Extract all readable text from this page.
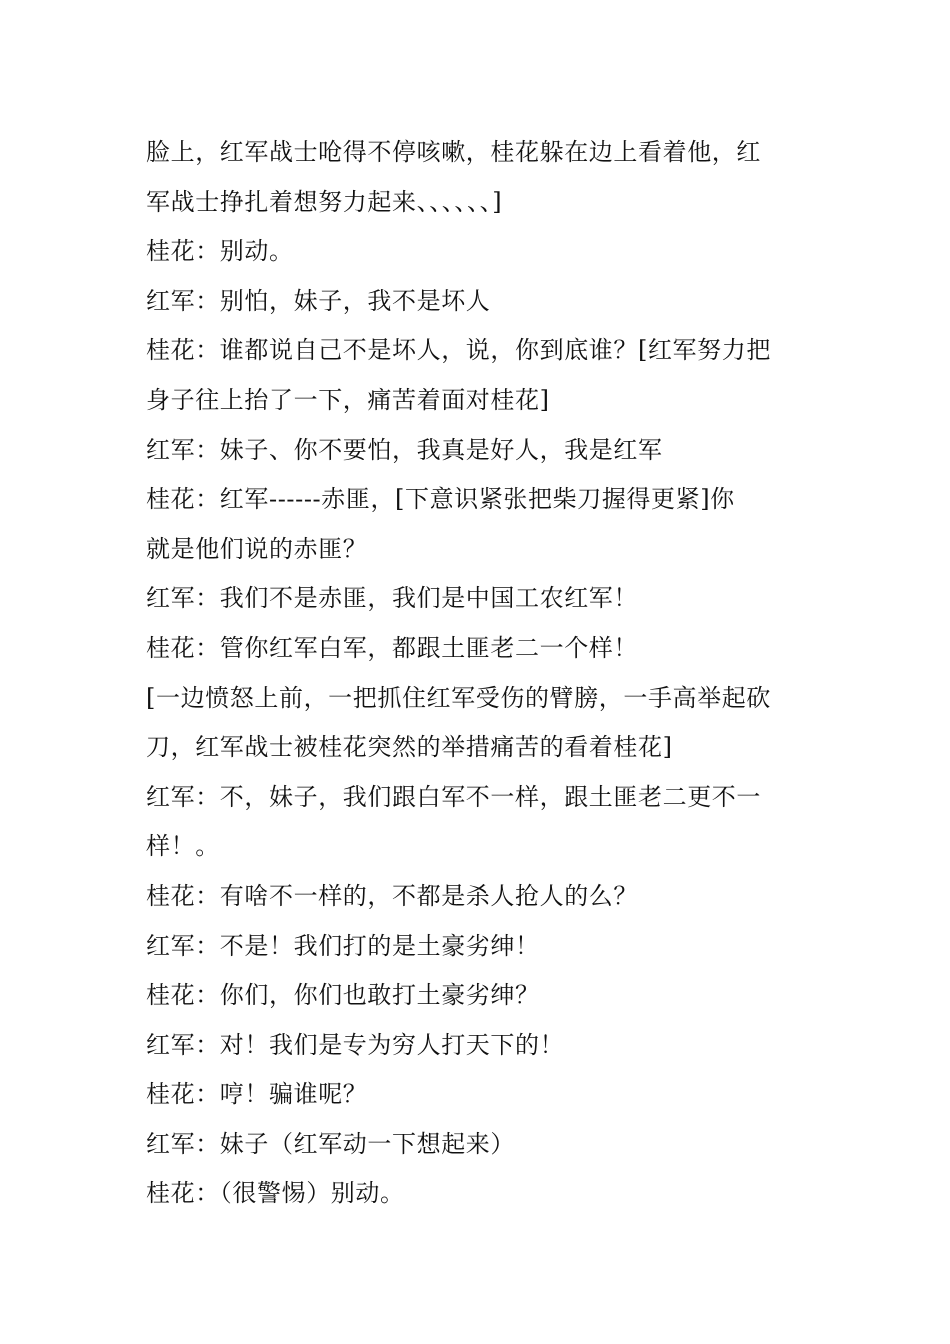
脸上，红军战士呛得不停咳嗽，桂花躲在边上看着他，红
军战士挣扎着想努力起来、、、、、、]
桂花：别动。
红军：别怕，妹子，我不是坏人
桂花：谁都说自己不是坏人，说，你到底谁？[红军努力把
身子往上抬了一下，痛苦着面对桂花]
红军：妹子、你不要怕，我真是好人，我是红军
桂花：红军------赤匪，[下意识紧张把柴刀握得更紧]你
就是他们说的赤匪？
红军：我们不是赤匪，我们是中国工农红军！
桂花：管你红军白军，都跟土匪老二一个样！
[一边愤怒上前，一把抓住红军受伤的臂膀，一手高举起砍
刀，红军战士被桂花突然的举措痛苦的看着桂花]
红军：不，妹子，我们跟白军不一样，跟土匪老二更不一
样！。
桂花：有啥不一样的，不都是杀人抢人的么？
红军：不是！我们打的是土豪劣绅！
桂花：你们，你们也敢打土豪劣绅？
红军：对！我们是专为穷人打天下的！
桂花：哼！骗谁呢？
红军：妹子（红军动一下想起来）
桂花：（很警惕）别动。
